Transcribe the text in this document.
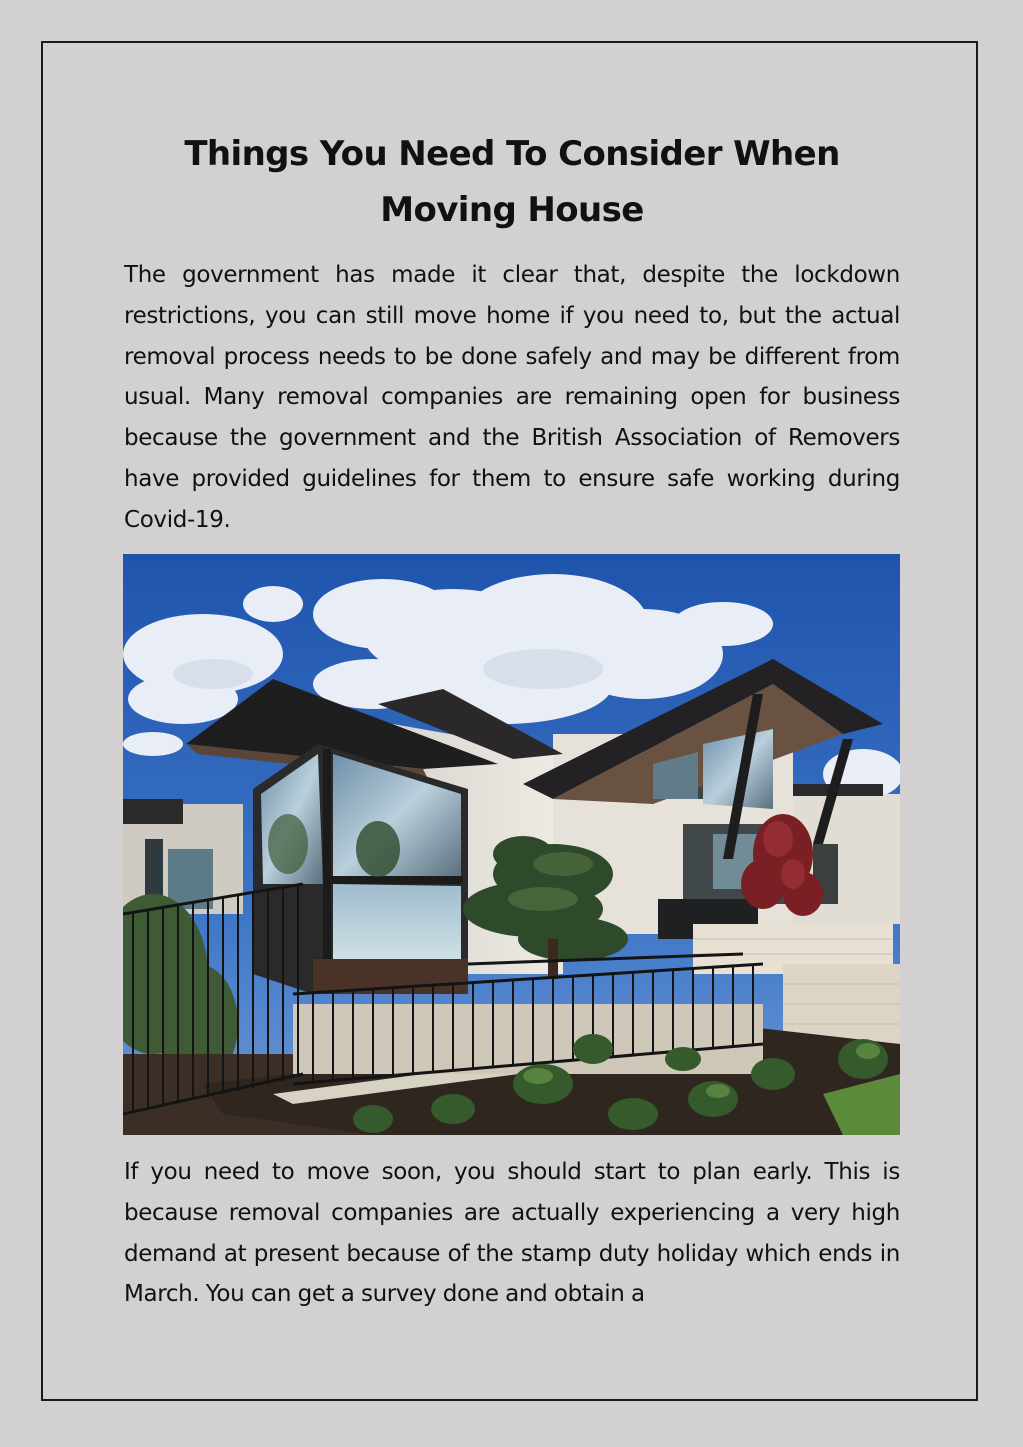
Things You Need To Consider When Moving House

The government has made it clear that, despite the lockdown restrictions, you can still move home if you need to, but the actual removal process needs to be done safely and may be different from usual. Many removal companies are remaining open for business because the government and the British Association of Removers have provided guidelines for them to ensure safe working during Covid-19.

If you need to move soon, you should start to plan early. This is because removal companies are actually experiencing a very high demand at present because of the stamp duty holiday which ends in March. You can get a survey done and obtain a
